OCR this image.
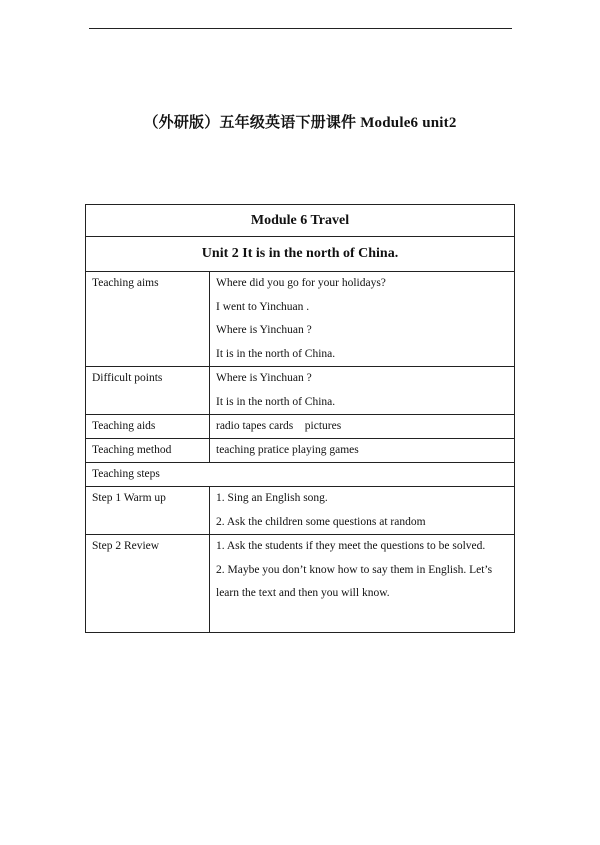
（外研版）五年级英语下册课件 Module6 unit2
Module 6 Travel	
Unit 2 It is in the north of China.	
Teaching aims	Where did you go for your holidays?
I went to Yinchuan .
Where is Yinchuan ?
It is in the north of China.

Difficult points	Where is Yinchuan ?
It is in the north of China.

Teaching aids	radio tapes cards    pictures

Teaching method	teaching pratice playing games

Teaching steps	

Step 1 Warm up	1. Sing an English song.
2. Ask the children some questions at random

Step 2 Review	1. Ask the students if they meet the questions to be solved.
2. Maybe you don’t know how to say them in English. Let’s
learn the text and then you will know.
